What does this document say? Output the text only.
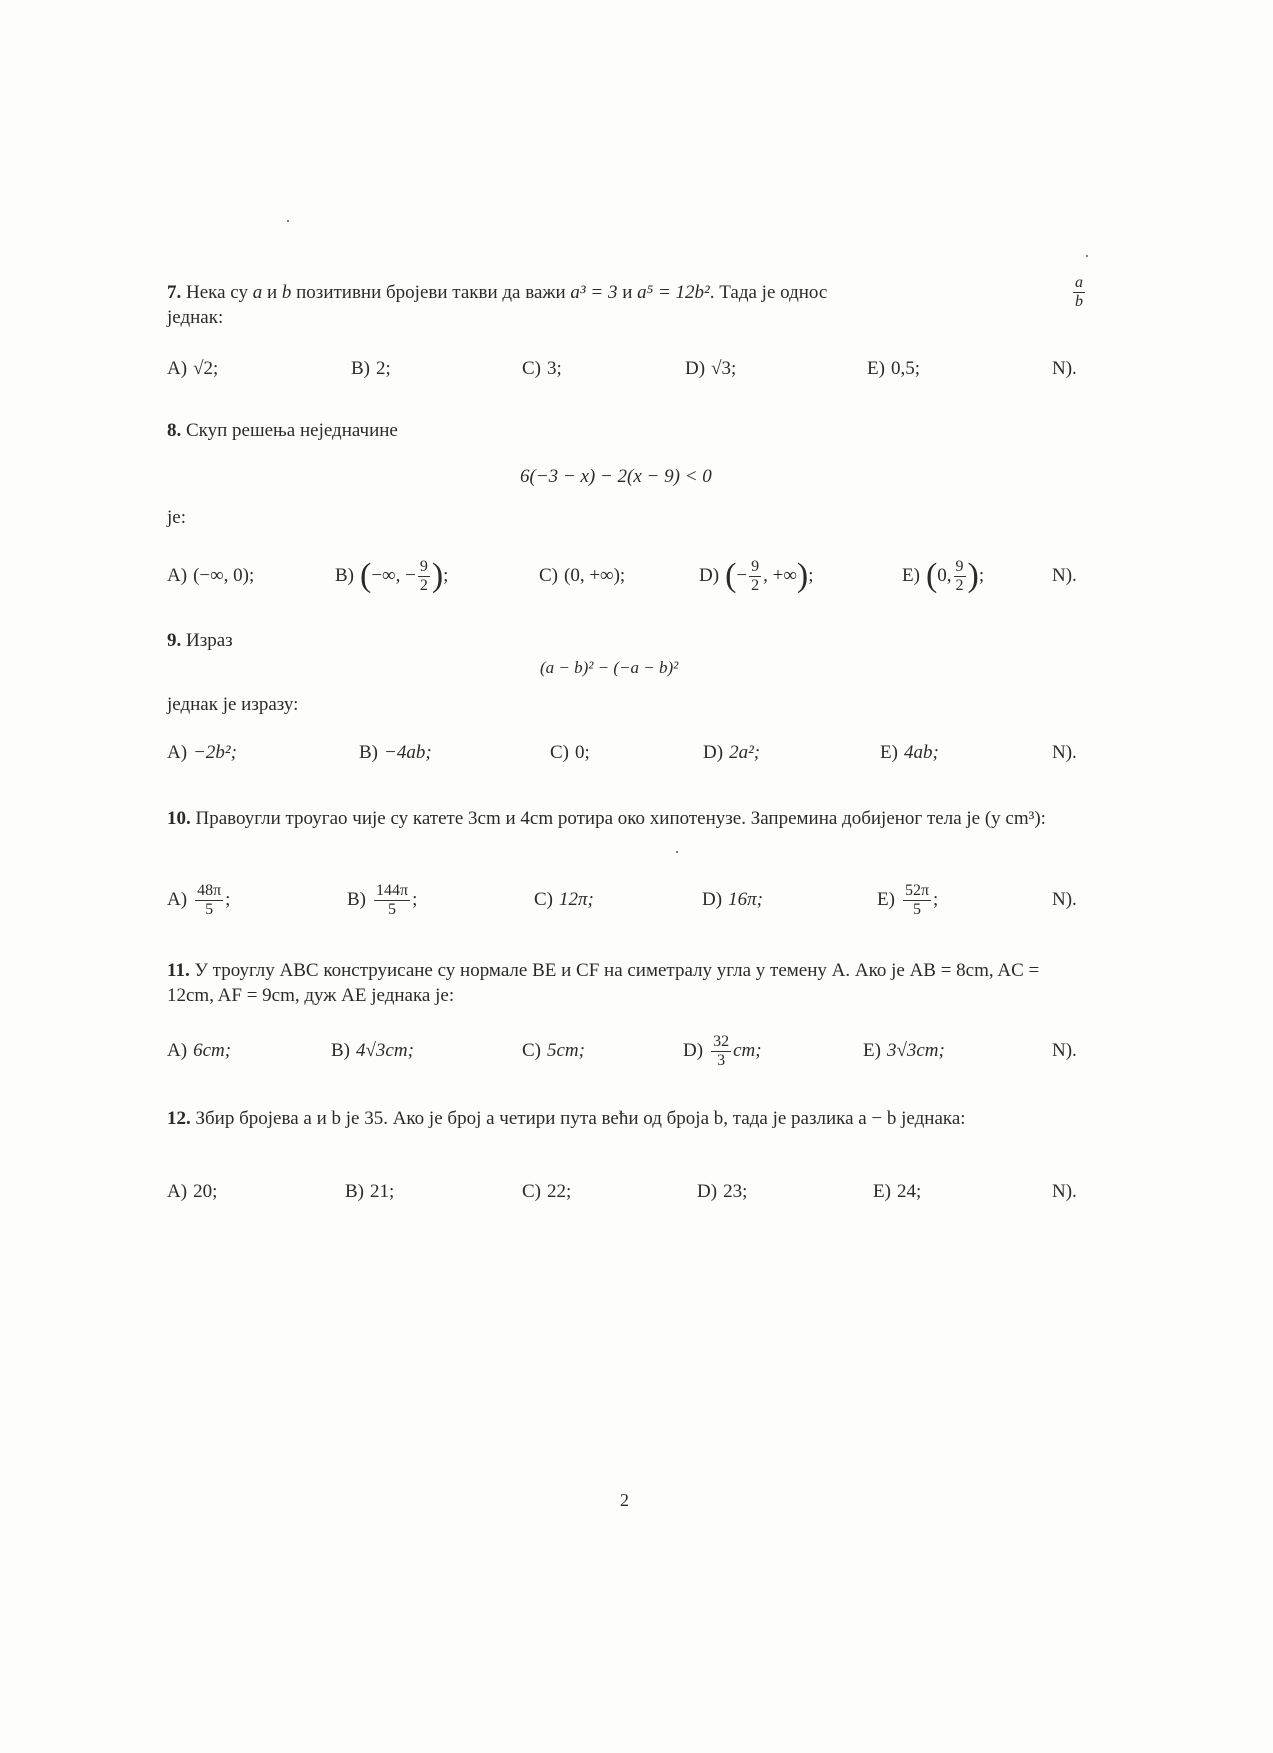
7. Нека су a и b позитивни бројеви такви да важи a³ = 3 и a⁵ = 12b². Тада је однос	$\frac{a}{b}$

једнак:
A) √2;	B) 2;	C) 3;	D) √3;	E) 0,5;	N).
8. Скуп решења неједначине
6(−3 − x) − 2(x − 9) < 0
је:
A) (−∞, 0);	B) ( −∞, − $\frac{9}{2}$ ) ;	C) (0, +∞);	D) ( − $\frac{9}{2}$ , +∞ ) ;	E) ( 0, $\frac{9}{2}$ ) ;	N).
9. Израз
(a − b)² − (−a − b)²
једнак је изразу:
A) −2b²;	B) −4ab;	C) 0;	D) 2a²;	E) 4ab;	N).
10. Правоугли троугао чије су катете 3cm и 4cm ротира око хипотенузе. Запремина добијеног тела је (у cm³):
$A) \frac{48\pi}{5}$ ;	$B) \frac{144\pi}{5}$ ;	C) 12π;	D) 16π;	$E) \frac{52\pi}{5}$ ;	N).
11. У троуглу ABC конструисане су нормале BE и CF на симетралу угла у темену A. Ако је AB = 8cm, AC = 12cm, AF = 9cm, дуж AE једнака је:
A) 6cm;	B) 4√3cm;	C) 5cm;	$D) \frac{32}{3}$ cm;	E) 3√3cm;	N).
12. Збир бројева a и b је 35. Ако је број a четири пута већи од броја b, тада је разлика a − b једнака:
A) 20;	B) 21;	C) 22;	D) 23;	E) 24;	N).
2
